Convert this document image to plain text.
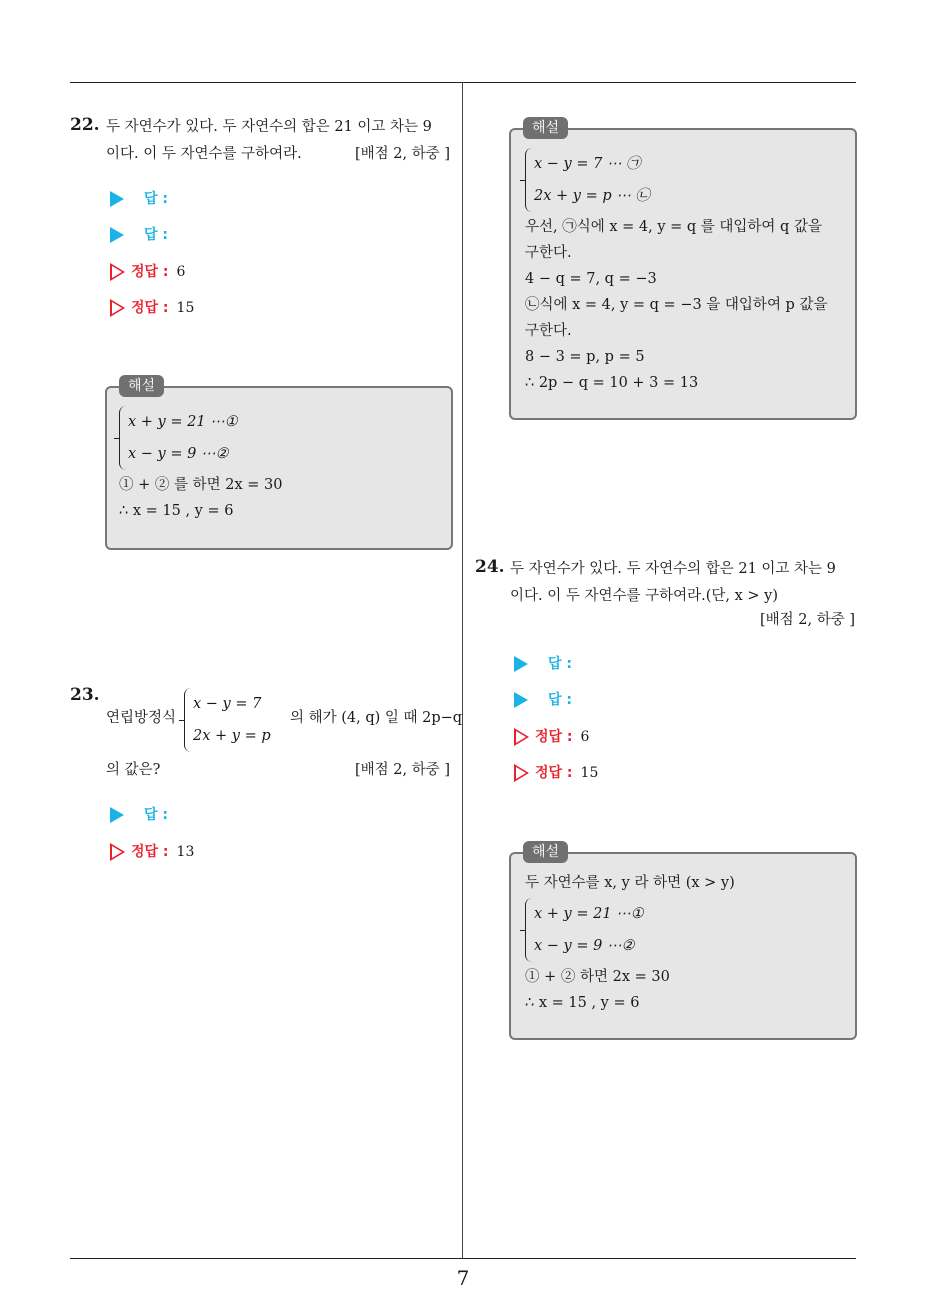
7
22. 두 자연수가 있다. 두 자연수의 합은 21 이고 차는 9

이다. 이 두 자연수를 구하여라.	[배점 2, 하중 ]
답 :
답 :
정답 : 6
정답 : 15
해설
x + y = 21 ⋯①
x − y = 9 ⋯②
① + ② 를 하면 2x = 30
∴ x = 15 , y = 6
23.
연립방정식
x − y = 7
2x + y = p
의 해가 (4, q) 일 때 2p−q
의 값은?	[배점 2, 하중 ]
답 :
정답 : 13
해설
x − y = 7 ⋯ ㉠
2x + y = p ⋯ ㉡
우선, ㉠식에 x = 4, y = q 를 대입하여 q 값을
구한다.
4 − q = 7, q = −3
㉡식에 x = 4, y = q = −3 을 대입하여 p 값을
구한다.
8 − 3 = p, p = 5
∴ 2p − q = 10 + 3 = 13
24. 두 자연수가 있다. 두 자연수의 합은 21 이고 차는 9

이다. 이 두 자연수를 구하여라.(단, x > y)

[배점 2, 하중 ]
답 :
답 :
정답 : 6
정답 : 15
해설
두 자연수를 x, y 라 하면 (x > y)
x + y = 21 ⋯①
x − y = 9 ⋯②
① + ② 하면 2x = 30
∴ x = 15 , y = 6
